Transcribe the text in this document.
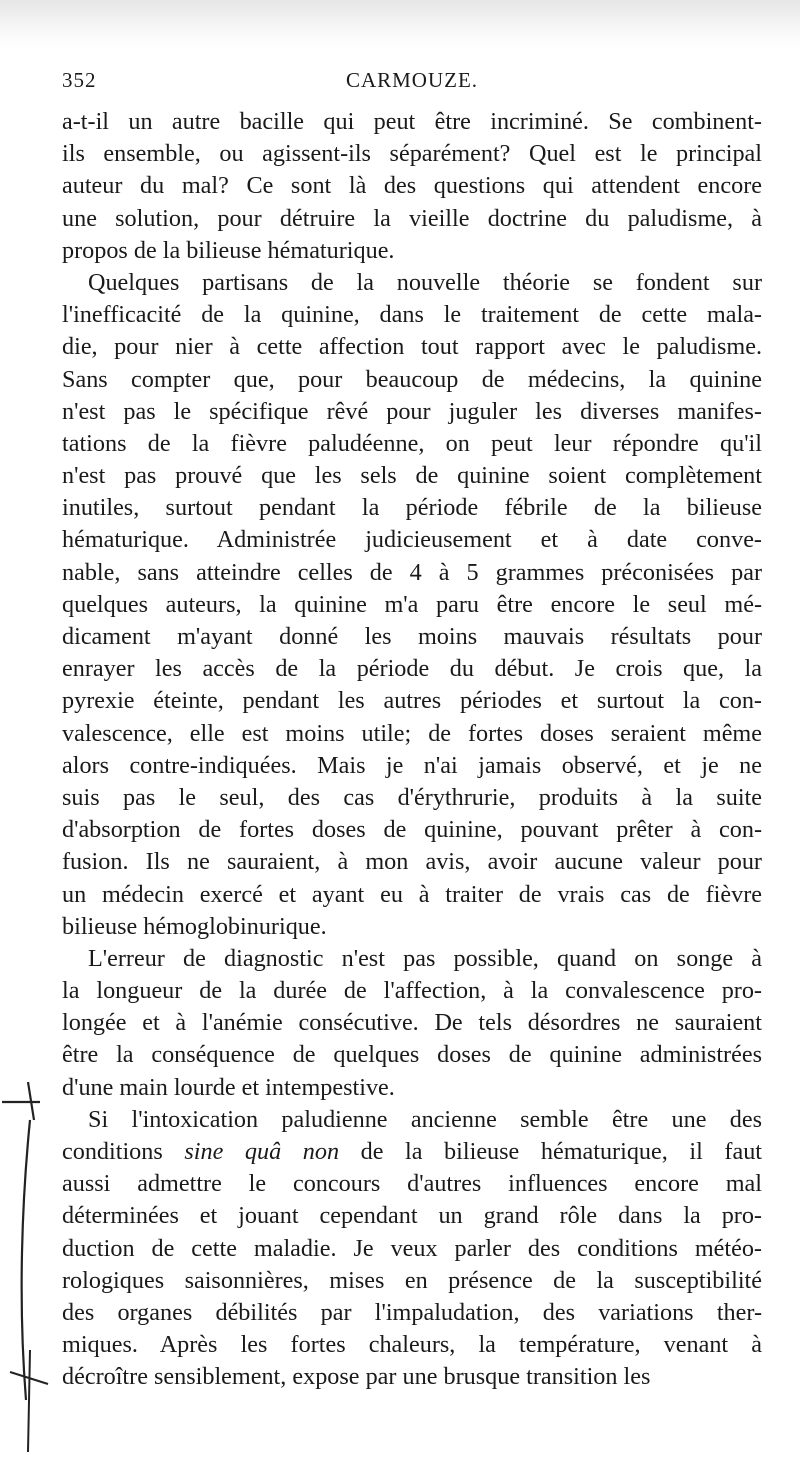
352	CARMOUZE.
a-t-il un autre bacille qui peut être incriminé. Se combinent-
ils ensemble, ou agissent-ils séparément? Quel est le principal
auteur du mal? Ce sont là des questions qui attendent encore
une solution, pour détruire la vieille doctrine du paludisme, à
propos de la bilieuse hématurique.
Quelques partisans de la nouvelle théorie se fondent sur
l'inefficacité de la quinine, dans le traitement de cette mala-
die, pour nier à cette affection tout rapport avec le paludisme.
Sans compter que, pour beaucoup de médecins, la quinine
n'est pas le spécifique rêvé pour juguler les diverses manifes-
tations de la fièvre paludéenne, on peut leur répondre qu'il
n'est pas prouvé que les sels de quinine soient complètement
inutiles, surtout pendant la période fébrile de la bilieuse
hématurique. Administrée judicieusement et à date conve-
nable, sans atteindre celles de 4 à 5 grammes préconisées par
quelques auteurs, la quinine m'a paru être encore le seul mé-
dicament m'ayant donné les moins mauvais résultats pour
enrayer les accès de la période du début. Je crois que, la
pyrexie éteinte, pendant les autres périodes et surtout la con-
valescence, elle est moins utile; de fortes doses seraient même
alors contre-indiquées. Mais je n'ai jamais observé, et je ne
suis pas le seul, des cas d'érythrurie, produits à la suite
d'absorption de fortes doses de quinine, pouvant prêter à con-
fusion. Ils ne sauraient, à mon avis, avoir aucune valeur pour
un médecin exercé et ayant eu à traiter de vrais cas de fièvre
bilieuse hémoglobinurique.
L'erreur de diagnostic n'est pas possible, quand on songe à
la longueur de la durée de l'affection, à la convalescence pro-
longée et à l'anémie consécutive. De tels désordres ne sauraient
être la conséquence de quelques doses de quinine administrées
d'une main lourde et intempestive.
Si l'intoxication paludienne ancienne semble être une des
conditions sine quâ non de la bilieuse hématurique, il faut
aussi admettre le concours d'autres influences encore mal
déterminées et jouant cependant un grand rôle dans la pro-
duction de cette maladie. Je veux parler des conditions météo-
rologiques saisonnières, mises en présence de la susceptibilité
des organes débilités par l'impaludation, des variations ther-
miques. Après les fortes chaleurs, la température, venant à
décroître sensiblement, expose par une brusque transition les
